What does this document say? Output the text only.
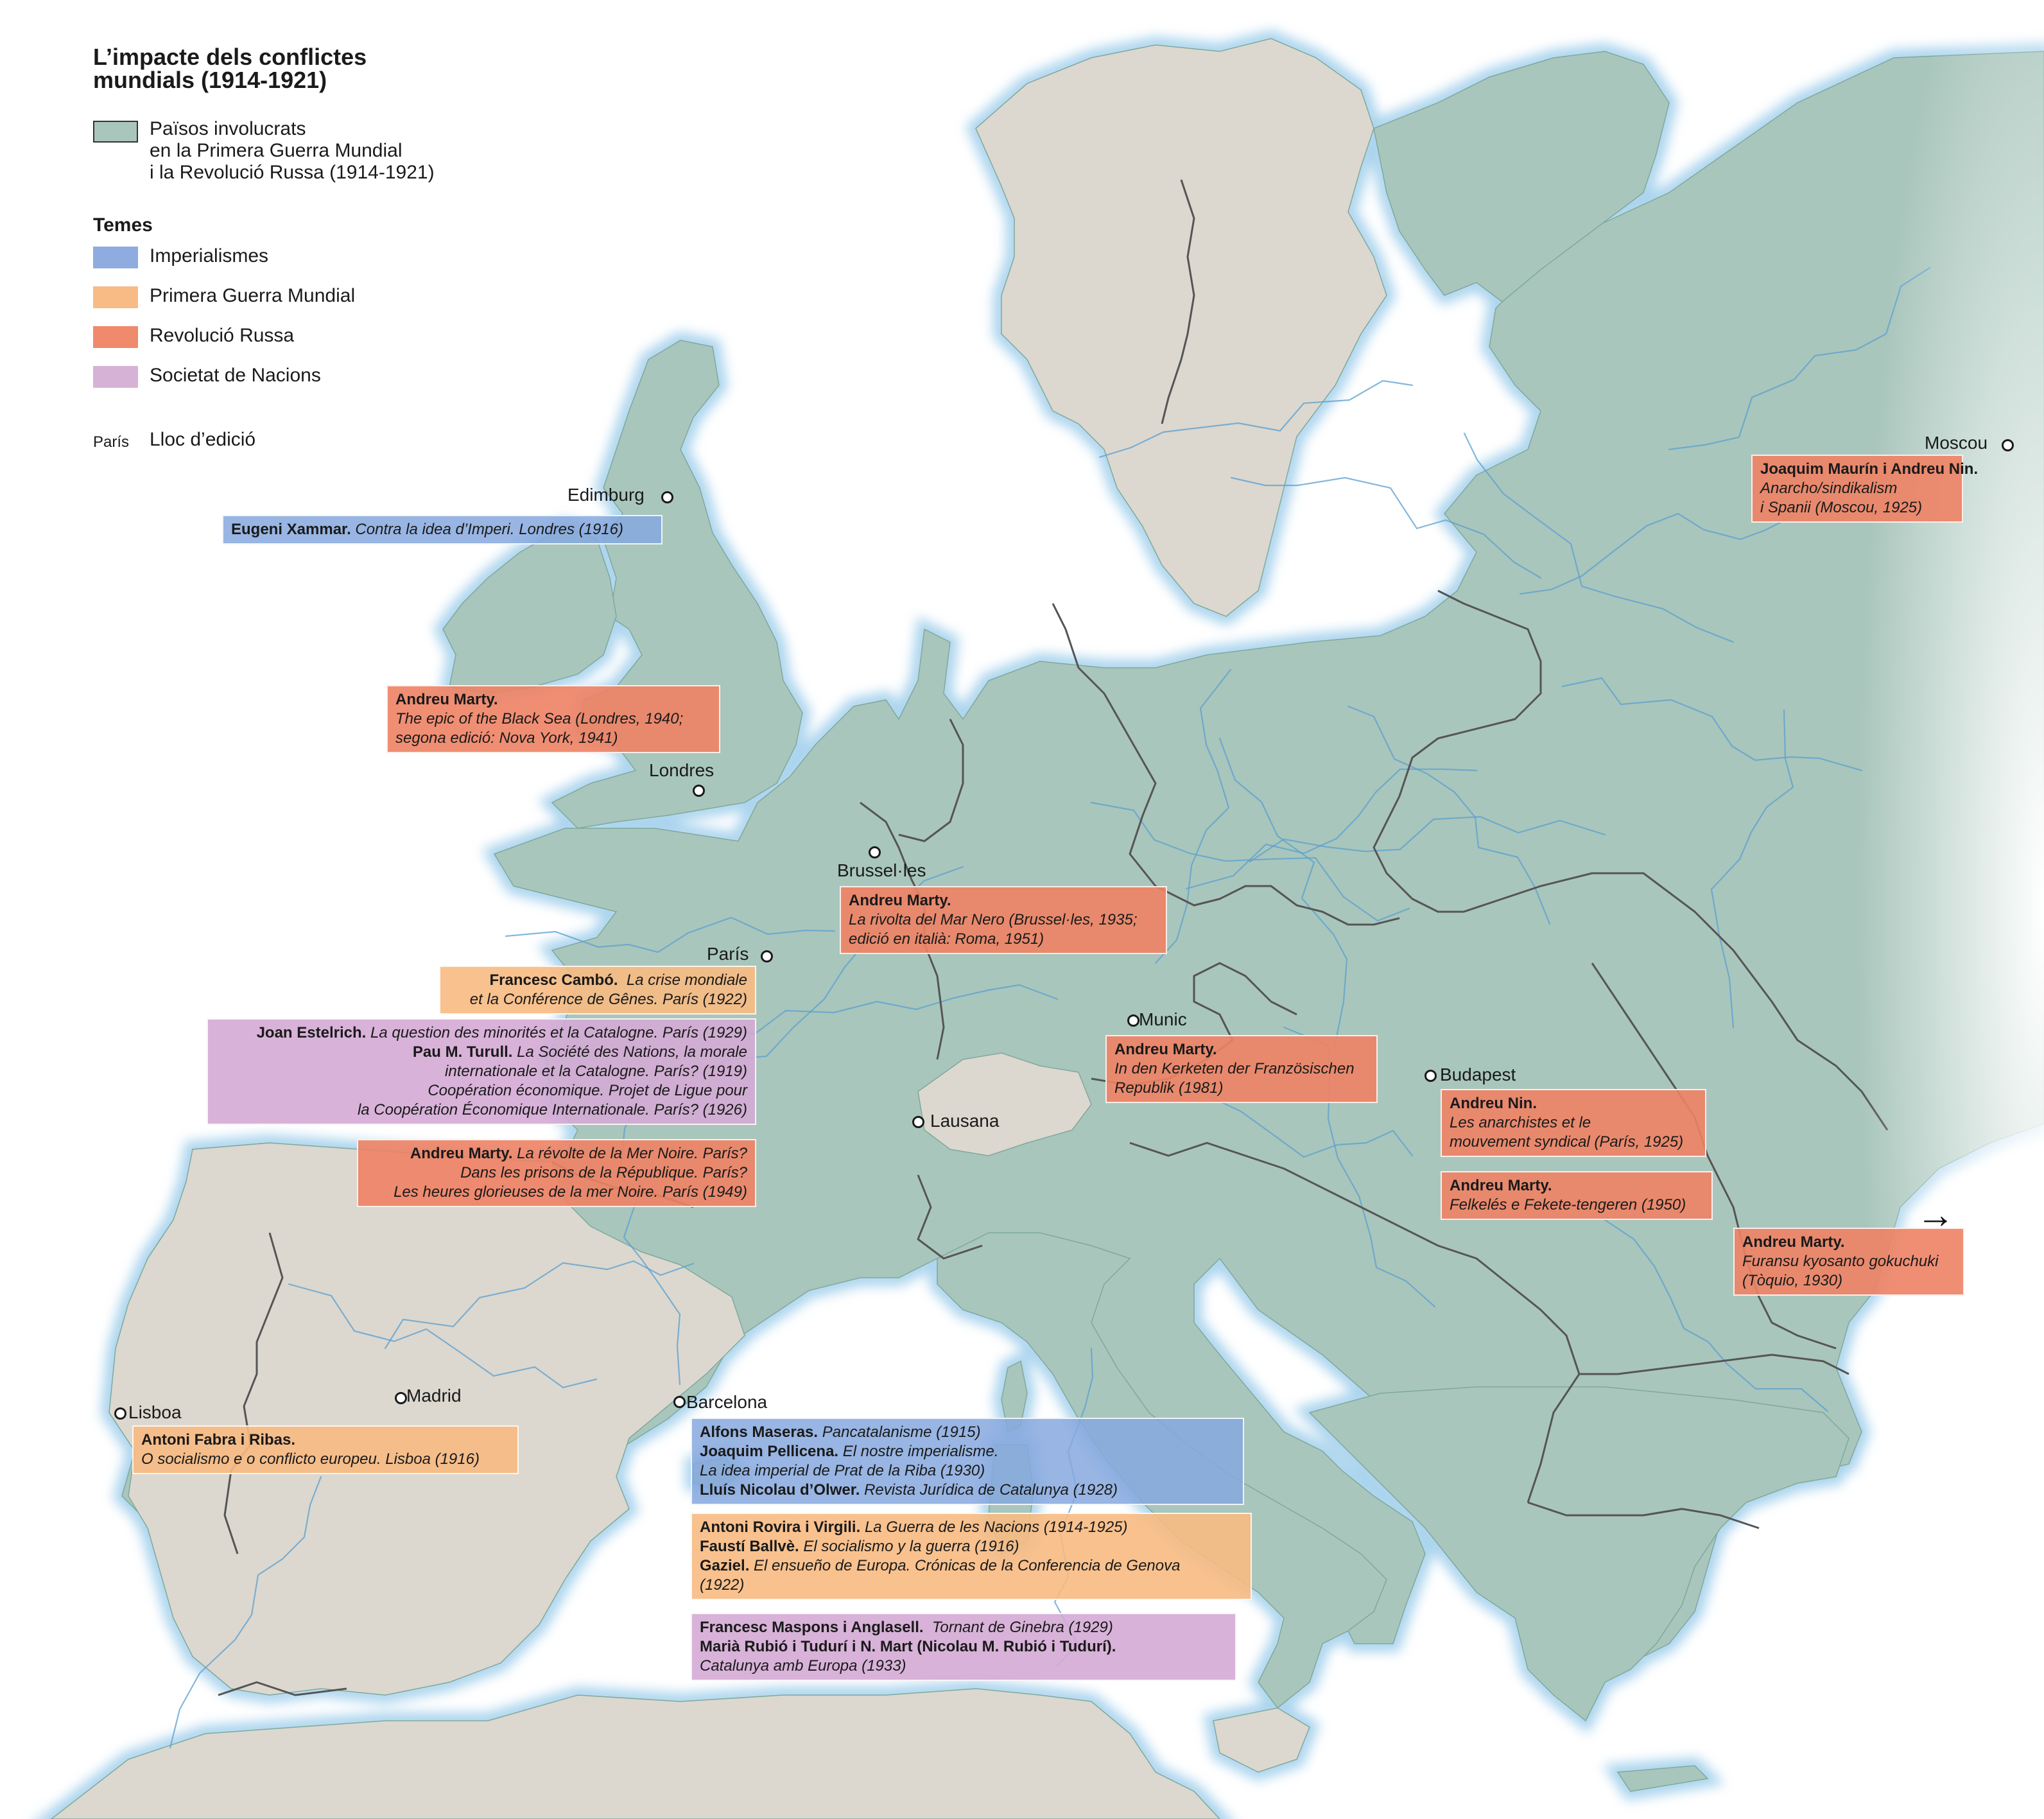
L’impacte dels conflictes
mundials (1914-1921)
Països involucrats
en la Primera Guerra Mundial
i la Revolució Russa (1914-1921)
Temes
Imperialismes
Primera Guerra Mundial
Revolució Russa
Societat de Nacions
París Lloc d’edició
Edimburg
Londres
Brussel·les
París
Munic
Lausana
Budapest
Moscou
Madrid	Barcelona
Lisboa
Eugeni Xammar. Contra la idea d’Imperi. Londres (1916)
Andreu Marty.
The epic of the Black Sea (Londres, 1940;
segona edició: Nova York, 1941)
Andreu Marty.
La rivolta del Mar Nero (Brussel·les, 1935;
edició en italià: Roma, 1951)
Francesc Cambó. La crise mondiale
et la Conférence de Gênes. París (1922)
Joan Estelrich. La question des minorités et la Catalogne. París (1929)
Pau M. Turull. La Société des Nations, la morale
internationale et la Catalogne. París? (1919)
Coopération économique. Projet de Ligue pour
la Coopération Économique Internationale. París? (1926)
Andreu Marty. La révolte de la Mer Noire. París?
Dans les prisons de la République. París?
Les heures glorieuses de la mer Noire. París (1949)
Andreu Marty.
In den Kerketen der Französischen
Republik (1981)
Andreu Nin.
Les anarchistes et le
mouvement syndical (París, 1925)
Andreu Marty.
Felkelés e Fekete-tengeren (1950)
Andreu Marty.
Furansu kyosanto gokuchuki
(Tòquio, 1930)
Joaquim Maurín i Andreu Nin.
Anarcho/sindikalism
i Spanii (Moscou, 1925)
Antoni Fabra i Ribas.
O socialismo e o conflicto europeu. Lisboa (1916)
Alfons Maseras. Pancatalanisme (1915)
Joaquim Pellicena. El nostre imperialisme.
La idea imperial de Prat de la Riba (1930)
Lluís Nicolau d’Olwer. Revista Jurídica de Catalunya (1928)
Antoni Rovira i Virgili. La Guerra de les Nacions (1914-1925)
Faustí Ballvè. El socialismo y la guerra (1916)
Gaziel. El ensueño de Europa. Crónicas de la Conferencia de Genova
(1922)
Francesc Maspons i Anglasell. Tornant de Ginebra (1929)
Marià Rubió i Tudurí i N. Mart (Nicolau M. Rubió i Tudurí).
Catalunya amb Europa (1933)
→
